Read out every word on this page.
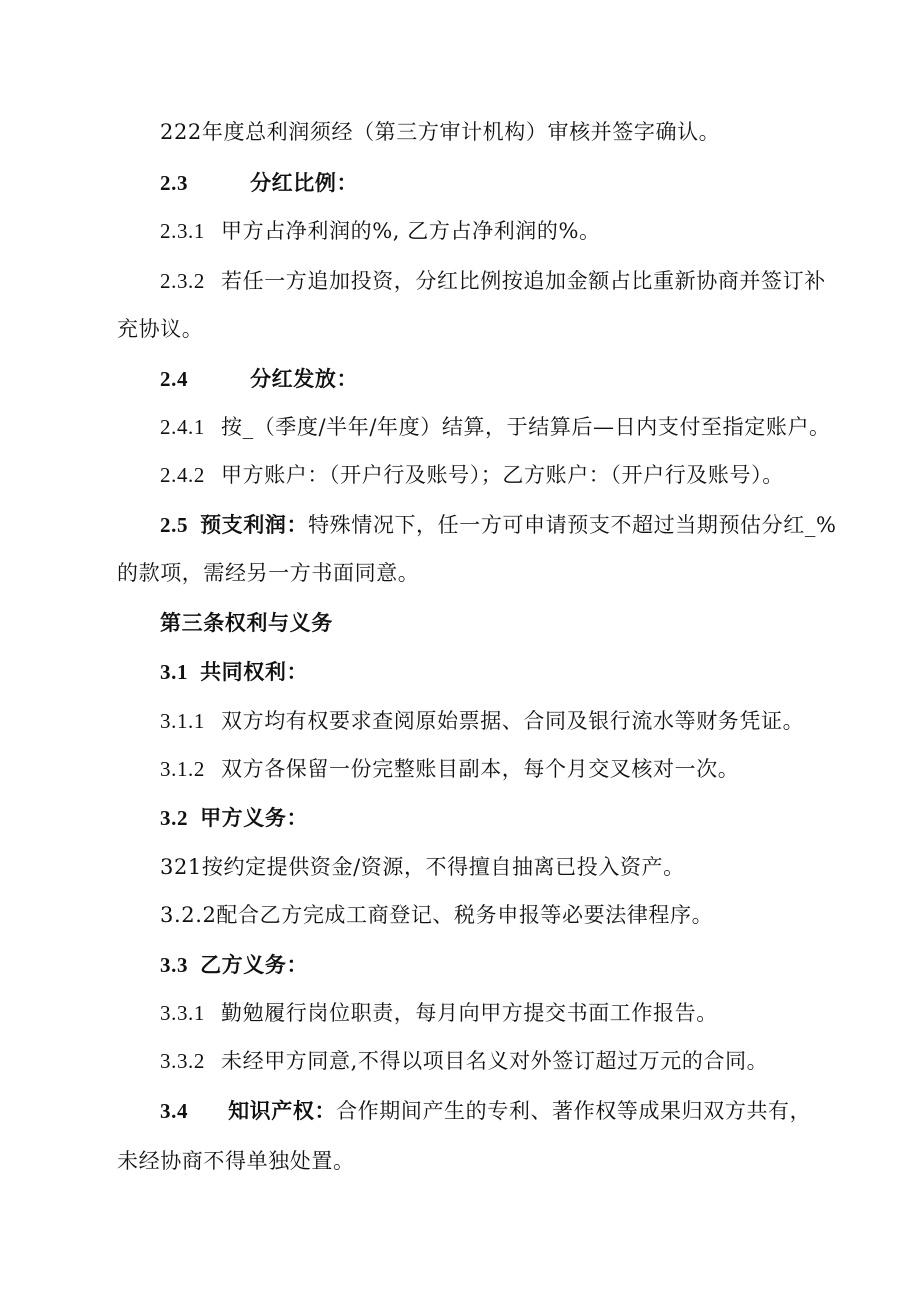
222年度总利润须经（第三方审计机构）审核并签字确认。
2.3	分红比例：
2.3.1 甲方占净利润的%, 乙方占净利润的%。
2.3.2 若任一方追加投资，分红比例按追加金额占比重新协商并签订补
充协议。
2.4	分红发放：
2.4.1 按_（季度/半年/年度）结算，于结算后—日内支付至指定账户。
2.4.2 甲方账户：（开户行及账号）；乙方账户：（开户行及账号）。
2.5 预支利润：特殊情况下，任一方可申请预支不超过当期预估分红_%
的款项，需经另一方书面同意。
第三条权利与义务
3.1 共同权利：
3.1.1 双方均有权要求查阅原始票据、合同及银行流水等财务凭证。
3.1.2 双方各保留一份完整账目副本，每个月交叉核对一次。
3.2 甲方义务：
321按约定提供资金/资源，不得擅自抽离已投入资产。
3.2.2配合乙方完成工商登记、税务申报等必要法律程序。
3.3 乙方义务：
3.3.1 勤勉履行岗位职责，每月向甲方提交书面工作报告。
3.3.2 未经甲方同意,不得以项目名义对外签订超过万元的合同。
3.4 知识产权：合作期间产生的专利、著作权等成果归双方共有，
未经协商不得单独处置。
